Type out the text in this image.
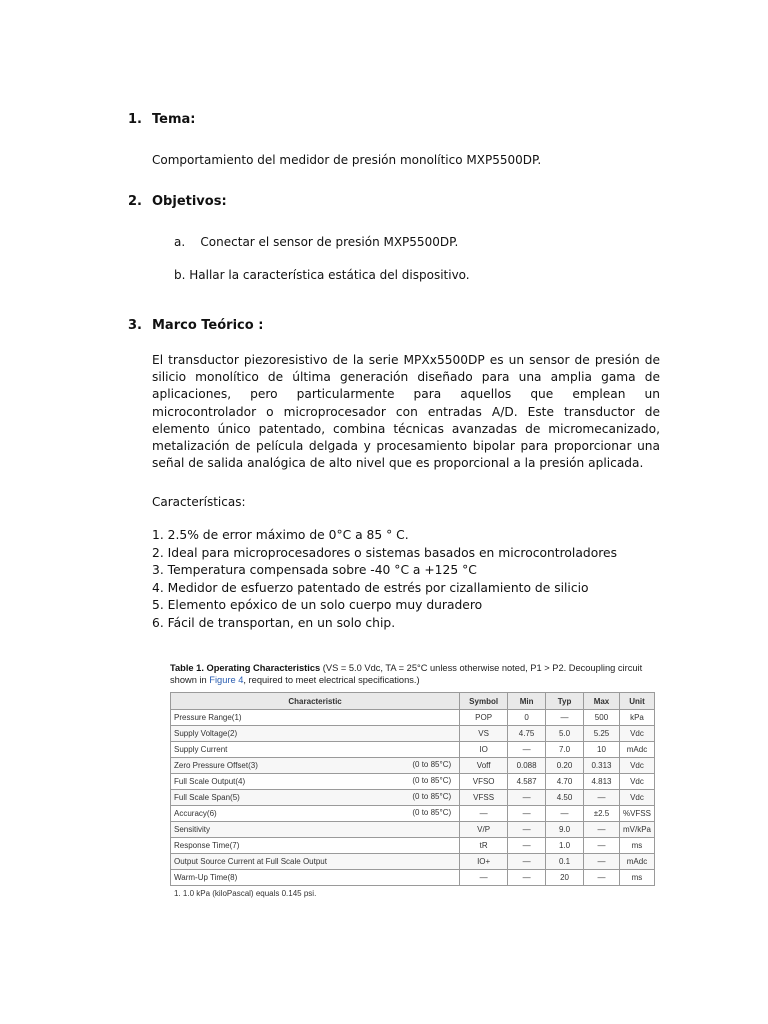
1. Tema:
Comportamiento del medidor de presión monolítico MXP5500DP.
2. Objetivos:
a.    Conectar el sensor de presión MXP5500DP.
b. Hallar la característica estática del dispositivo.
3. Marco Teórico :
El transductor piezoresistivo de la serie MPXx5500DP es un sensor de presión de silicio monolítico de última generación diseñado para una amplia gama de aplicaciones, pero particularmente para aquellos que emplean un microcontrolador o microprocesador con entradas A/D. Este transductor de elemento único patentado, combina técnicas avanzadas de micromecanizado, metalización de película delgada y procesamiento bipolar para proporcionar una señal de salida analógica de alto nivel que es proporcional a la presión aplicada.
Características:
1. 2.5% de error máximo de 0°C a 85 ° C.
2. Ideal para microprocesadores o sistemas basados en microcontroladores
3. Temperatura compensada sobre -40 °C a +125 °C
4. Medidor de esfuerzo patentado de estrés por cizallamiento de silicio
5. Elemento epóxico de un solo cuerpo muy duradero
6. Fácil de transportan, en un solo chip.
Table 1. Operating Characteristics (VS = 5.0 Vdc, TA = 25°C unless otherwise noted, P1 > P2. Decoupling circuit shown in Figure 4, required to meet electrical specifications.)
Characteristic	Symbol	Min	Typ	Max	Unit
Pressure Range(1)	POP	0	—	500	kPa
Supply Voltage(2)	VS	4.75	5.0	5.25	Vdc
Supply Current	IO	—	7.0	10	mAdc
Zero Pressure Offset(3) (0 to 85°C)	Voff	0.088	0.20	0.313	Vdc
Full Scale Output(4) (0 to 85°C)	VFSO	4.587	4.70	4.813	Vdc
Full Scale Span(5) (0 to 85°C)	VFSS	—	4.50	—	Vdc
Accuracy(6) (0 to 85°C)	—	—	—	±2.5	%VFSS
Sensitivity	V/P	—	9.0	—	mV/kPa
Response Time(7)	tR	—	1.0	—	ms
Output Source Current at Full Scale Output	IO+	—	0.1	—	mAdc
Warm-Up Time(8)	—	—	20	—	ms
1. 1.0 kPa (kiloPascal) equals 0.145 psi.
